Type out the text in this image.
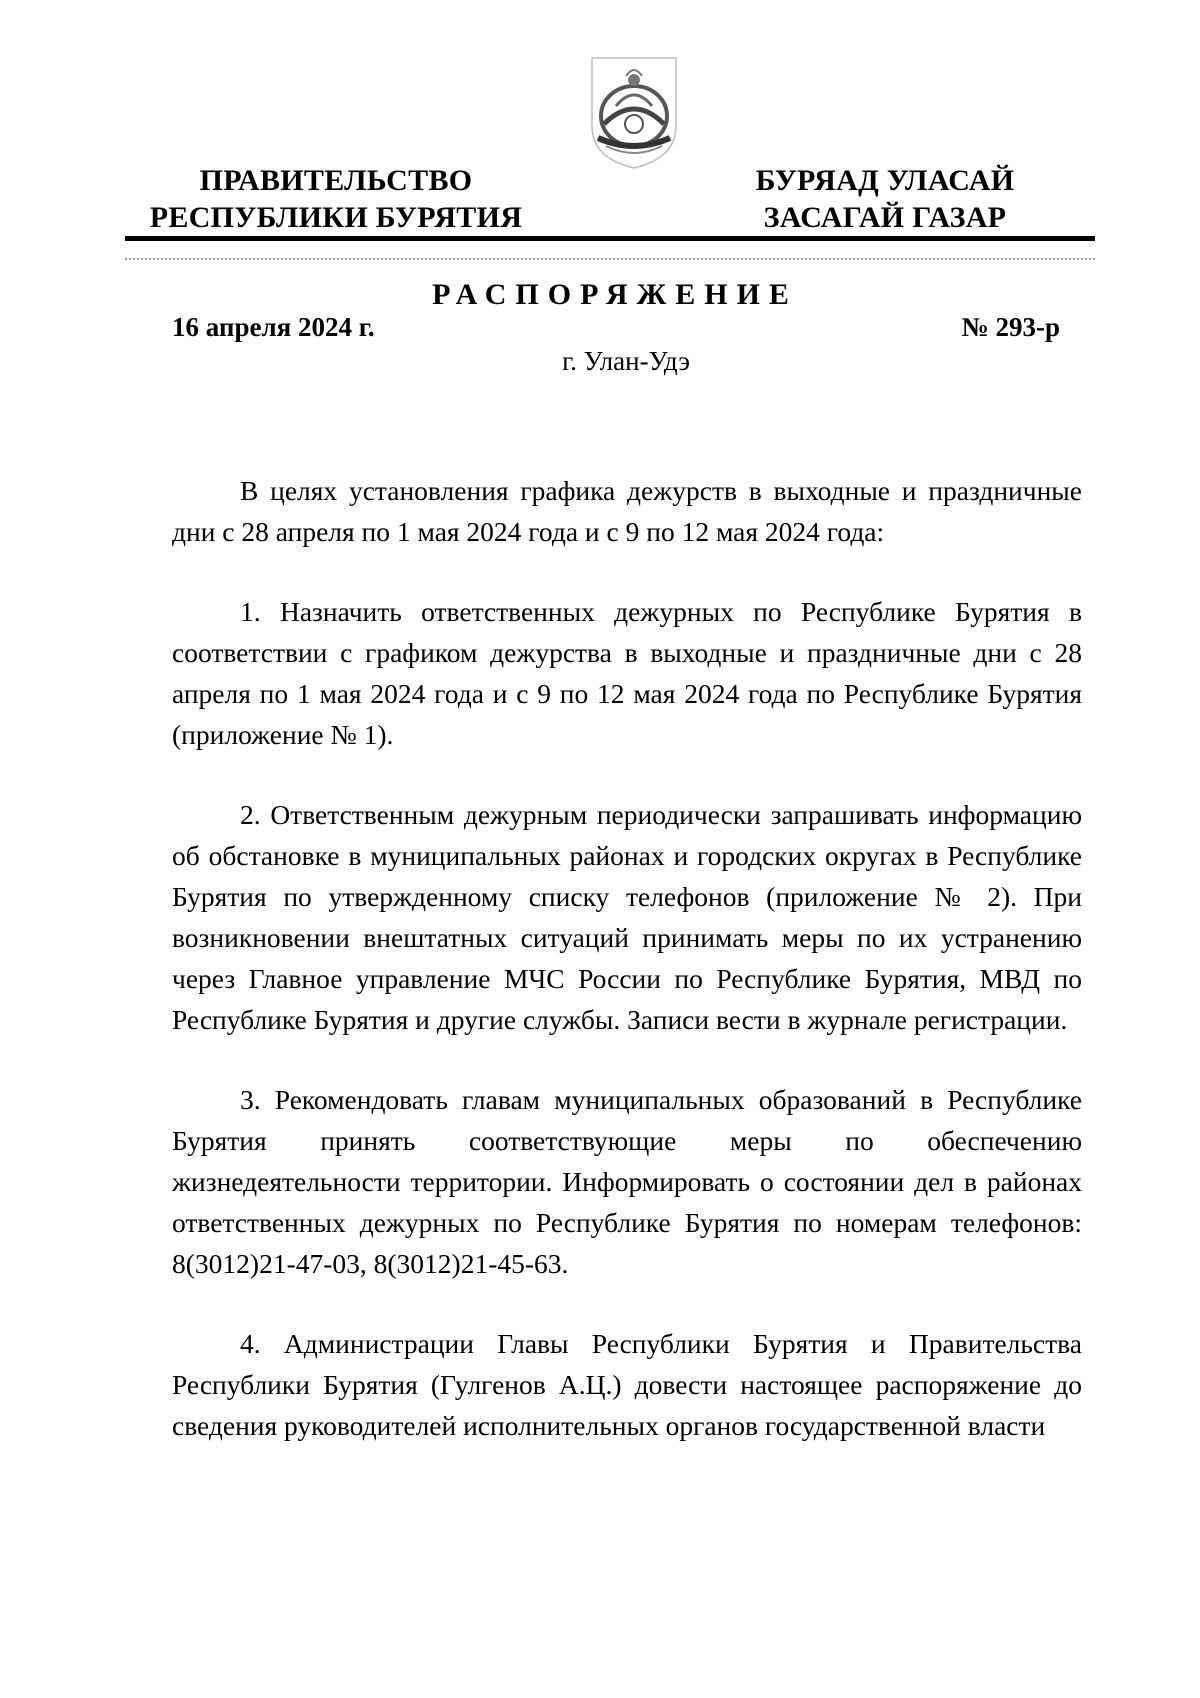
ПРАВИТЕЛЬСТВО
РЕСПУБЛИКИ БУРЯТИЯ
БУРЯАД УЛАСАЙ
ЗАСАГАЙ ГАЗАР
РАСПОРЯЖЕНИЕ
16 апреля 2024 г.	№ 293-р
г. Улан-Удэ

В целях установления графика дежурств в выходные и праздничные дни с 28 апреля по 1 мая 2024 года и с 9 по 12 мая 2024 года:

1. Назначить ответственных дежурных по Республике Бурятия в соответствии с графиком дежурства в выходные и праздничные дни с 28 апреля по 1 мая 2024 года и с 9 по 12 мая 2024 года по Республике Бурятия (приложение № 1).

2. Ответственным дежурным периодически запрашивать информацию об обстановке в муниципальных районах и городских округах в Республике Бурятия по утвержденному списку телефонов (приложение № 2). При возникновении внештатных ситуаций принимать меры по их устранению через Главное управление МЧС России по Республике Бурятия, МВД по Республике Бурятия и другие службы. Записи вести в журнале регистрации.

3. Рекомендовать главам муниципальных образований в Республике Бурятия принять соответствующие меры по обеспечению жизнедеятельности территории. Информировать о состоянии дел в районах ответственных дежурных по Республике Бурятия по номерам телефонов: 8(3012)21-47-03, 8(3012)21-45-63.

4. Администрации Главы Республики Бурятия и Правительства Республики Бурятия (Гулгенов А.Ц.) довести настоящее распоряжение до сведения руководителей исполнительных органов государственной власти
